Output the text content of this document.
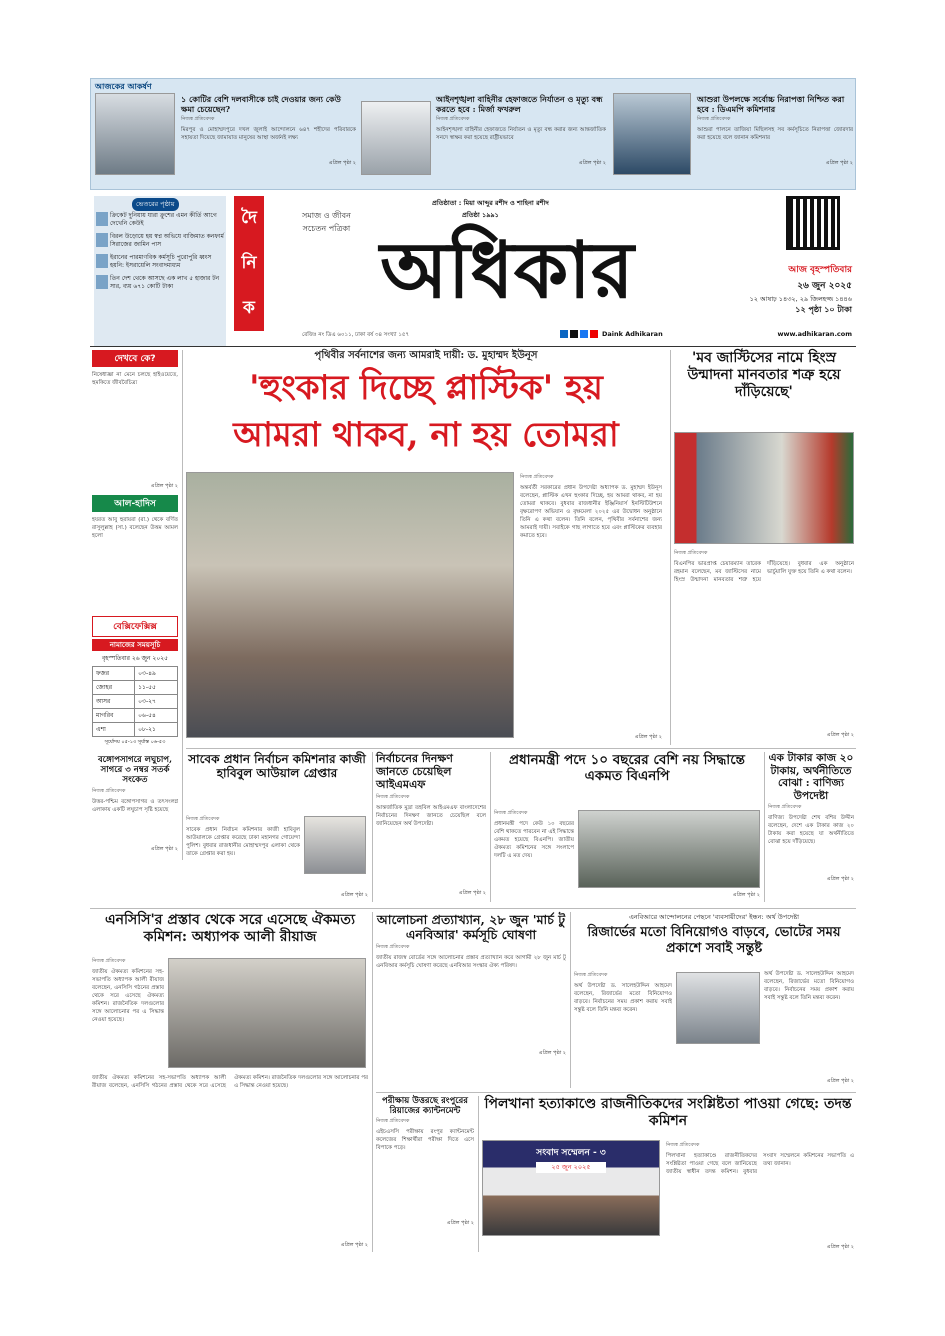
আজকের আকর্ষণ
১ কোটির বেশি দলবাসীকে চাই দেওয়ার জন্য কেউ ক্ষমা চেয়েছেন?
নিজস্ব প্রতিবেদক
মিরপুর ও মোহাম্মদপুরে দখল জুলাই আন্দোলনে ৬৪৭ শহীদের পরিবারকে সহায়তা দিয়েছে জামায়াত মানুষের আস্থা অর্জনই লক্ষ্য
এপ্রিল পৃষ্ঠা ২
আইনশৃঙ্খলা বাহিনীর হেফাজতে নির্যাতন ও মৃত্যু বন্ধ করতে হবে : মির্জা ফখরুল
নিজস্ব প্রতিবেদক
আইনশৃঙ্খলা বাহিনীর হেফাজতে নির্যাতন ও মৃত্যু বন্ধ করার জন্য আন্তর্জাতিক সনদে স্বাক্ষর করা হয়েছে রাষ্ট্রীয়ভাবে
এপ্রিল পৃষ্ঠা ২
আশুরা উপলক্ষে সর্বোচ্চ নিরাপত্তা নিশ্চিত করা হবে : ডিএমপি কমিশনার
নিজস্ব প্রতিবেদক
আশুরা পালনে তাজিয়া মিছিলসহ সব কর্মসূচিতে নিরাপত্তা জোরদার করা হয়েছে বলে জানান কমিশনার
এপ্রিল পৃষ্ঠা ২
ভেতরের পৃষ্ঠায়
ক্রিকেট দুনিয়ায় যারা ক্রুশের এমন কীর্তি আগে দেখেনি কেউই
বিরল উড়োয়ে হয় স্বপ্ন অভিযে বাজিমাত কনফার্ম সিরাজের জামিন পাস
ইরানের পারমাণবিক কর্মসূচি পুরোপুরি ধ্বংস হয়নি: ইসরায়েলি সংবাদমাধ্যম
তিন দেশ থেকে আসছে এক লাখ ৫ হাজার টন সার, ব্যয় ৬৭১ কোটি টাকা
দৈ
নি
ক
সমাজ ও জীবন
সচেতন পত্রিকা
প্রতিষ্ঠাতা : মিয়া আব্দুর রশীদ ও শাহিনা রশীদ
প্রতিষ্ঠা ১৯৯১
অধিকার	আজ বৃহস্পতিবার
২৬ জুন ২০২৫
১২ আষাঢ় ১৪৩২, ২৯ জিলহজ্জ ১৪৪৬
১২ পৃষ্ঠা ১০ টাকা
রেজিঃ নং ডিএ ৬০১১, ঢাকা বর্ষ ৩৪ সংখ্যা ১৫৭	Daink Adhikaran	www.adhikaran.com
দেখবে কে?
নিষেধাজ্ঞা না মেনে চলছে হাইওয়েতে, হুমকিতে জীববৈচিত্র্য
এপ্রিল পৃষ্ঠা ২
আল-হাদিস
হযরত আবু হুরায়রা (রা.) থেকে বর্ণিত রাসুলুল্লাহ (সা.) বলেছেন উত্তম আমল হলো
বেক্সিফেক্সিক্স
নামাজের সময়সূচি
বৃহস্পতিবার ২৬ জুন ২০২৫
ফজর	০৩-৪৯
জোহর	১১-৫৫
আসর	০৩-২৭
মাগরিব	০৬-৫৪
এশা	০৮-২১
সূর্যোদয় ০৫-১৩ সূর্যাস্ত ০৬-৫৩
বঙ্গোপসাগরে লঘুচাপ, সাগরে ৩ নম্বর সতর্ক সংকেত
নিজস্ব প্রতিবেদক
উত্তর-পশ্চিম বঙ্গোপসাগর ও তৎসংলগ্ন এলাকায় একটি লঘুচাপ সৃষ্টি হয়েছে
এপ্রিল পৃষ্ঠা ২
পৃথিবীর সর্বনাশের জন্য আমরাই দায়ী: ড. মুহাম্মদ ইউনূস
'হুংকার দিচ্ছে প্লাস্টিক' হয়
আমরা থাকব, না হয় তোমরা
নিজস্ব প্রতিবেদক
অন্তর্বর্তী সরকারের প্রধান উপদেষ্টা অধ্যাপক ড. মুহাম্মদ ইউনূস বলেছেন, প্লাস্টিক এখন হুংকার দিচ্ছে, হয় আমরা থাকব, না হয় তোমরা থাকবে। বুধবার রাজধানীর ইঞ্জিনিয়ার্স ইনস্টিটিউশনে বৃক্ষরোপণ অভিযান ও বৃক্ষমেলা ২০২৫ এর উদ্বোধন অনুষ্ঠানে তিনি এ কথা বলেন। তিনি বলেন, পৃথিবীর সর্বনাশের জন্য আমরাই দায়ী। সবাইকে গাছ লাগাতে হবে এবং প্লাস্টিকের ব্যবহার কমাতে হবে।
এপ্রিল পৃষ্ঠা ২
'মব জাস্টিসের নামে হিংস্র উন্মাদনা মানবতার শত্রু হয়ে দাঁড়িয়েছে'
নিজস্ব প্রতিবেদক
বিএনপির ভারপ্রাপ্ত চেয়ারম্যান তারেক রহমান বলেছেন, মব জাস্টিসের নামে হিংস্র উন্মাদনা মানবতার শত্রু হয়ে দাঁড়িয়েছে। বুধবার এক অনুষ্ঠানে ভার্চুয়ালি যুক্ত হয়ে তিনি এ কথা বলেন।
এপ্রিল পৃষ্ঠা ২
সাবেক প্রধান নির্বাচন কমিশনার কাজী হাবিবুল আউয়াল গ্রেপ্তার
নিজস্ব প্রতিবেদক
সাবেক প্রধান নির্বাচন কমিশনার কাজী হাবিবুল আউয়ালকে গ্রেপ্তার করেছে ঢাকা মহানগর গোয়েন্দা পুলিশ। বুধবার রাজধানীর মোহাম্মদপুর এলাকা থেকে তাকে গ্রেপ্তার করা হয়।
এপ্রিল পৃষ্ঠা ২
নির্বাচনের দিনক্ষণ জানতে চেয়েছিল আইএমএফ
নিজস্ব প্রতিবেদক
আন্তর্জাতিক মুদ্রা তহবিল আইএমএফ বাংলাদেশের নির্বাচনের দিনক্ষণ জানতে চেয়েছিল বলে জানিয়েছেন অর্থ উপদেষ্টা।
এপ্রিল পৃষ্ঠা ২
প্রধানমন্ত্রী পদে ১০ বছরের বেশি নয় সিদ্ধান্তে একমত বিএনপি
নিজস্ব প্রতিবেদক
প্রধানমন্ত্রী পদে কেউ ১০ বছরের বেশি থাকতে পারবেন না এই সিদ্ধান্তে একমত হয়েছে বিএনপি। জাতীয় ঐকমত্য কমিশনের সঙ্গে সংলাপে দলটি এ মত দেয়।
এপ্রিল পৃষ্ঠা ২
এক টাকার কাজ ২০ টাকায়, অর্থনীতিতে বোঝা : বাণিজ্য উপদেষ্টা
নিজস্ব প্রতিবেদক
বাণিজ্য উপদেষ্টা শেখ বশির উদ্দীন বলেছেন, দেশে এক টাকার কাজ ২০ টাকায় করা হয়েছে যা অর্থনীতিতে বোঝা হয়ে দাঁড়িয়েছে।
এপ্রিল পৃষ্ঠা ২
এনসিসি'র প্রস্তাব থেকে সরে এসেছে ঐকমত্য কমিশন: অধ্যাপক আলী রীয়াজ
নিজস্ব প্রতিবেদক
জাতীয় ঐকমত্য কমিশনের সহ-সভাপতি অধ্যাপক আলী রীয়াজ বলেছেন, এনসিসি গঠনের প্রস্তাব থেকে সরে এসেছে ঐকমত্য কমিশন। রাজনৈতিক দলগুলোর সঙ্গে আলোচনার পর এ সিদ্ধান্ত নেওয়া হয়েছে।
জাতীয় ঐকমত্য কমিশনের সহ-সভাপতি অধ্যাপক আলী রীয়াজ বলেছেন, এনসিসি গঠনের প্রস্তাব থেকে সরে এসেছে ঐকমত্য কমিশন। রাজনৈতিক দলগুলোর সঙ্গে আলোচনার পর এ সিদ্ধান্ত নেওয়া হয়েছে।
এপ্রিল পৃষ্ঠা ২
আলোচনা প্রত্যাখ্যান, ২৮ জুন 'মার্চ টু এনবিআর' কর্মসূচি ঘোষণা
নিজস্ব প্রতিবেদক
জাতীয় রাজস্ব বোর্ডের সঙ্গে আলোচনার প্রস্তাব প্রত্যাখ্যান করে আগামী ২৮ জুন মার্চ টু এনবিআর কর্মসূচি ঘোষণা করেছে এনবিআর সংস্কার ঐক্য পরিষদ।
এপ্রিল পৃষ্ঠা ২
এনবিআরে আন্দোলনের পেছনে 'ব্যবসায়ীদের' ইন্ধন: অর্থ উপদেষ্টা
রিজার্ভের মতো বিনিয়োগও বাড়বে, ভোটের সময় প্রকাশে সবাই সন্তুষ্ট
নিজস্ব প্রতিবেদক
অর্থ উপদেষ্টা ড. সালেহউদ্দিন আহমেদ বলেছেন, রিজার্ভের মতো বিনিয়োগও বাড়বে। নির্বাচনের সময় প্রকাশ করায় সবাই সন্তুষ্ট বলে তিনি মন্তব্য করেন।
অর্থ উপদেষ্টা ড. সালেহউদ্দিন আহমেদ বলেছেন, রিজার্ভের মতো বিনিয়োগও বাড়বে। নির্বাচনের সময় প্রকাশ করায় সবাই সন্তুষ্ট বলে তিনি মন্তব্য করেন।
এপ্রিল পৃষ্ঠা ২
পরীক্ষায় উত্তরছে রংপুরের রিয়াজের ক্যান্টনমেন্ট
নিজস্ব প্রতিবেদক
এইচএসসি পরীক্ষায় রংপুর ক্যান্টনমেন্ট কলেজের শিক্ষার্থীরা পরীক্ষা দিতে এসে বিপাকে পড়ে।
এপ্রিল পৃষ্ঠা ২
পিলখানা হত্যাকাণ্ডে রাজনীতিকদের সংশ্লিষ্টতা পাওয়া গেছে: তদন্ত কমিশন
সংবাদ সম্মেলন - ৩
২৫ জুন ২০২৫
নিজস্ব প্রতিবেদক
পিলখানা হত্যাকাণ্ডে রাজনীতিকদের সংশ্লিষ্টতা পাওয়া গেছে বলে জানিয়েছে জাতীয় স্বাধীন তদন্ত কমিশন। বুধবার সংবাদ সম্মেলনে কমিশনের সভাপতি এ তথ্য জানান।
এপ্রিল পৃষ্ঠা ২
